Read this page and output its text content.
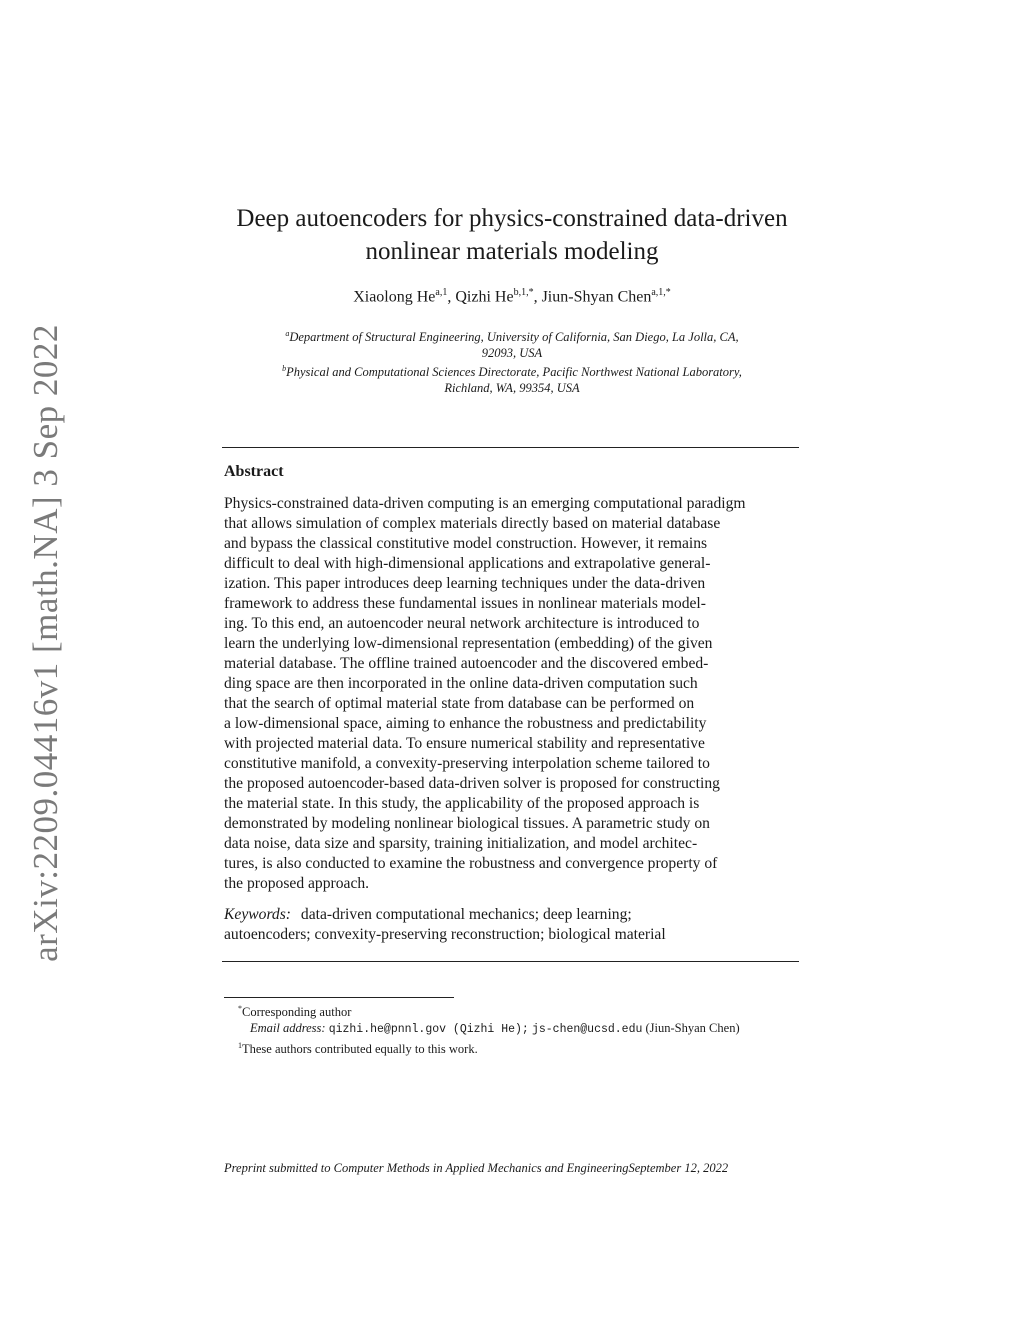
arXiv:2209.04416v1 [math.NA] 3 Sep 2022
Deep autoencoders for physics-constrained data-driven
nonlinear materials modeling
Xiaolong He$^{a,1}$, Qizhi $He^{b,1,*}$, Jiun-Shyan Chen$^{a,1,*}$
$^a$Department of Structural Engineering, University of California, San Diego, La Jolla, CA,
92093, USA
$^b$Physical and Computational Sciences Directorate, Pacific Northwest National Laboratory,
Richland, WA, 99354, USA
Abstract
Physics-constrained data-driven computing is an emerging computational paradigm
that allows simulation of complex materials directly based on material database
and bypass the classical constitutive model construction. However, it remains
difficult to deal with high-dimensional applications and extrapolative general-
ization. This paper introduces deep learning techniques under the data-driven
framework to address these fundamental issues in nonlinear materials model-
ing. To this end, an autoencoder neural network architecture is introduced to
learn the underlying low-dimensional representation (embedding) of the given
material database. The offline trained autoencoder and the discovered embed-
ding space are then incorporated in the online data-driven computation such
that the search of optimal material state from database can be performed on
a low-dimensional space, aiming to enhance the robustness and predictability
with projected material data. To ensure numerical stability and representative
constitutive manifold, a convexity-preserving interpolation scheme tailored to
the proposed autoencoder-based data-driven solver is proposed for constructing
the material state. In this study, the applicability of the proposed approach is
demonstrated by modeling nonlinear biological tissues. A parametric study on
data noise, data size and sparsity, training initialization, and model architec-
tures, is also conducted to examine the robustness and convergence property of
the proposed approach.
Keywords: data-driven computational mechanics; deep learning;
autoencoders; convexity-preserving reconstruction; biological material
*Corresponding author
Email address: qizhi.he@pnnl.gov (Qizhi He); js-chen@ucsd.edu (Jiun-Shyan Chen)
$^1$These authors contributed equally to this work.
Preprint submitted to Computer Methods in Applied Mechanics and EngineeringSeptember 12, 2022
